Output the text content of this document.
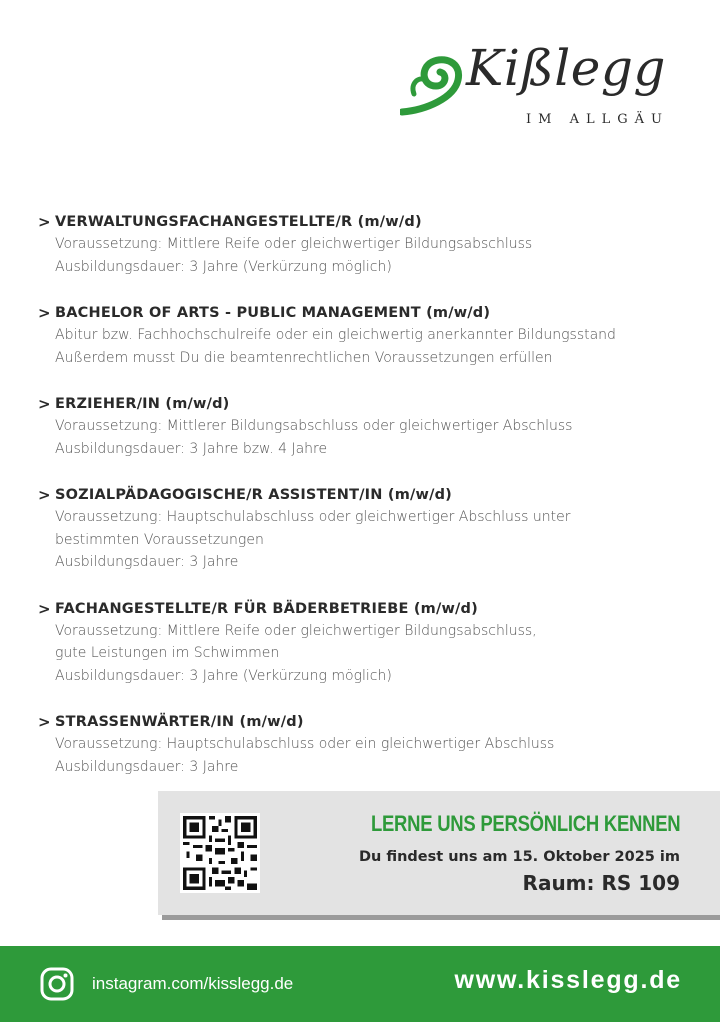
Kißlegg
IM ALLGÄU
> VERWALTUNGSFACHANGESTELLTE/R (m/w/d)
Voraussetzung: Mittlere Reife oder gleichwertiger Bildungsabschluss
Ausbildungsdauer: 3 Jahre (Verkürzung möglich)
> BACHELOR OF ARTS - PUBLIC MANAGEMENT (m/w/d)
Abitur bzw. Fachhochschulreife oder ein gleichwertig anerkannter Bildungsstand
Außerdem musst Du die beamtenrechtlichen Voraussetzungen erfüllen
> ERZIEHER/IN (m/w/d)
Voraussetzung: Mittlerer Bildungsabschluss oder gleichwertiger Abschluss
Ausbildungsdauer: 3 Jahre bzw. 4 Jahre
> SOZIALPÄDAGOGISCHE/R ASSISTENT/IN (m/w/d)
Voraussetzung: Hauptschulabschluss oder gleichwertiger Abschluss unter
bestimmten Voraussetzungen
Ausbildungsdauer: 3 Jahre
> FACHANGESTELLTE/R FÜR BÄDERBETRIEBE (m/w/d)
Voraussetzung: Mittlere Reife oder gleichwertiger Bildungsabschluss,
gute Leistungen im Schwimmen
Ausbildungsdauer: 3 Jahre (Verkürzung möglich)
> STRASSENWÄRTER/IN (m/w/d)
Voraussetzung: Hauptschulabschluss oder ein gleichwertiger Abschluss
Ausbildungsdauer: 3 Jahre
LERNE UNS PERSÖNLICH KENNEN
Du findest uns am 15. Oktober 2025 im
Raum: RS 109
instagram.com/kisslegg.de	www.kisslegg.de
